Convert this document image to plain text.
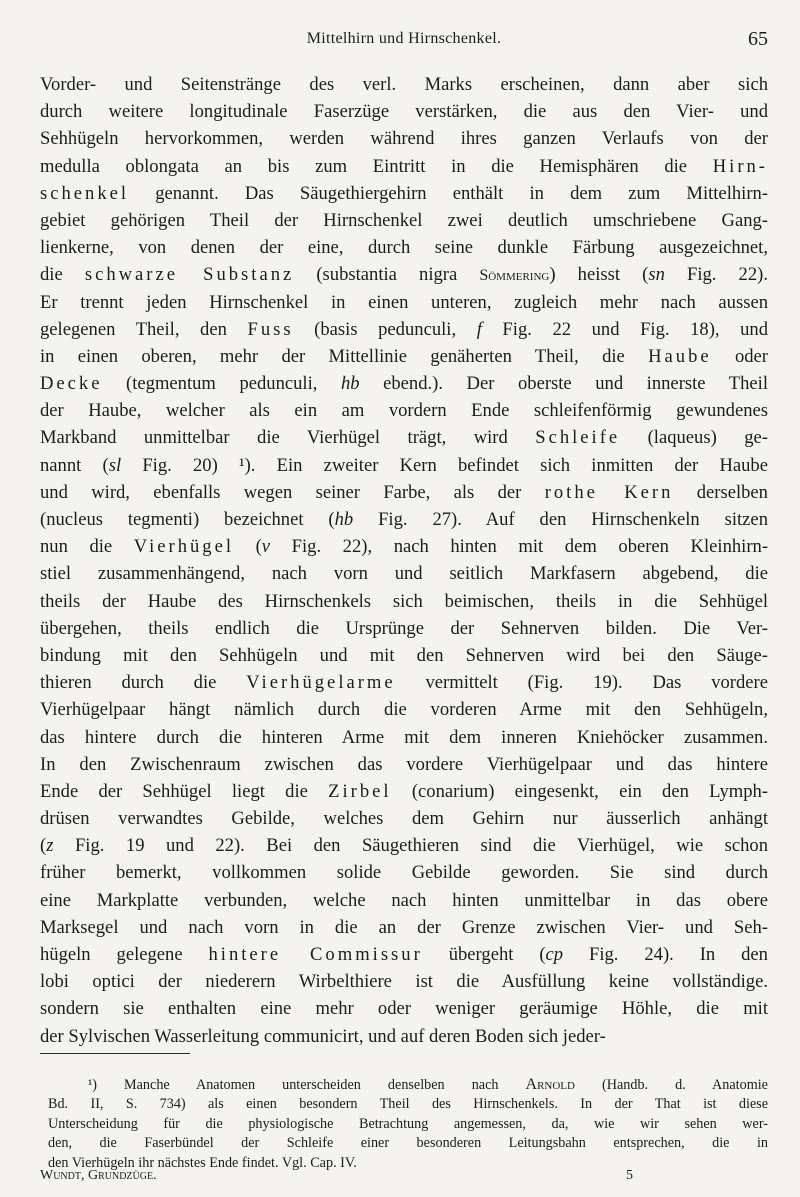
Mittelhirn und Hirnschenkel.	65
Vorder- und Seitenstränge des verl. Marks erscheinen, dann aber sich
durch weitere longitudinale Faserzüge verstärken, die aus den Vier- und
Sehhügeln hervorkommen, werden während ihres ganzen Verlaufs von der
medulla oblongata an bis zum Eintritt in die Hemisphären die Hirn-
schenkel genannt. Das Säugethiergehirn enthält in dem zum Mittelhirn-
gebiet gehörigen Theil der Hirnschenkel zwei deutlich umschriebene Gang-
lienkerne, von denen der eine, durch seine dunkle Färbung ausgezeichnet,
die schwarze Substanz (substantia nigra Sömmering) heisst (sn Fig. 22).
Er trennt jeden Hirnschenkel in einen unteren, zugleich mehr nach aussen
gelegenen Theil, den Fuss (basis pedunculi, f Fig. 22 und Fig. 18), und
in einen oberen, mehr der Mittellinie genäherten Theil, die Haube oder
Decke (tegmentum pedunculi, hb ebend.). Der oberste und innerste Theil
der Haube, welcher als ein am vordern Ende schleifenförmig gewundenes
Markband unmittelbar die Vierhügel trägt, wird Schleife (laqueus) ge-
nannt (sl Fig. 20) ¹). Ein zweiter Kern befindet sich inmitten der Haube
und wird, ebenfalls wegen seiner Farbe, als der rothe Kern derselben
(nucleus tegmenti) bezeichnet (hb Fig. 27). Auf den Hirnschenkeln sitzen
nun die Vierhügel (v Fig. 22), nach hinten mit dem oberen Kleinhirn-
stiel zusammenhängend, nach vorn und seitlich Markfasern abgebend, die
theils der Haube des Hirnschenkels sich beimischen, theils in die Sehhügel
übergehen, theils endlich die Ursprünge der Sehnerven bilden. Die Ver-
bindung mit den Sehhügeln und mit den Sehnerven wird bei den Säuge-
thieren durch die Vierhügelarme vermittelt (Fig. 19). Das vordere
Vierhügelpaar hängt nämlich durch die vorderen Arme mit den Sehhügeln,
das hintere durch die hinteren Arme mit dem inneren Kniehöcker zusammen.
In den Zwischenraum zwischen das vordere Vierhügelpaar und das hintere
Ende der Sehhügel liegt die Zirbel (conarium) eingesenkt, ein den Lymph-
drüsen verwandtes Gebilde, welches dem Gehirn nur äusserlich anhängt
(z Fig. 19 und 22). Bei den Säugethieren sind die Vierhügel, wie schon
früher bemerkt, vollkommen solide Gebilde geworden. Sie sind durch
eine Markplatte verbunden, welche nach hinten unmittelbar in das obere
Marksegel und nach vorn in die an der Grenze zwischen Vier- und Seh-
hügeln gelegene hintere Commissur übergeht (cp Fig. 24). In den
lobi optici der niederern Wirbelthiere ist die Ausfüllung keine vollständige.
sondern sie enthalten eine mehr oder weniger geräumige Höhle, die mit
der Sylvischen Wasserleitung communicirt, und auf deren Boden sich jeder-
¹) Manche Anatomen unterscheiden denselben nach Arnold (Handb. d. Anatomie
Bd. II, S. 734) als einen besondern Theil des Hirnschenkels. In der That ist diese
Unterscheidung für die physiologische Betrachtung angemessen, da, wie wir sehen wer-
den, die Faserbündel der Schleife einer besonderen Leitungsbahn entsprechen, die in
den Vierhügeln ihr nächstes Ende findet. Vgl. Cap. IV.
Wundt, Grundzüge.	5
